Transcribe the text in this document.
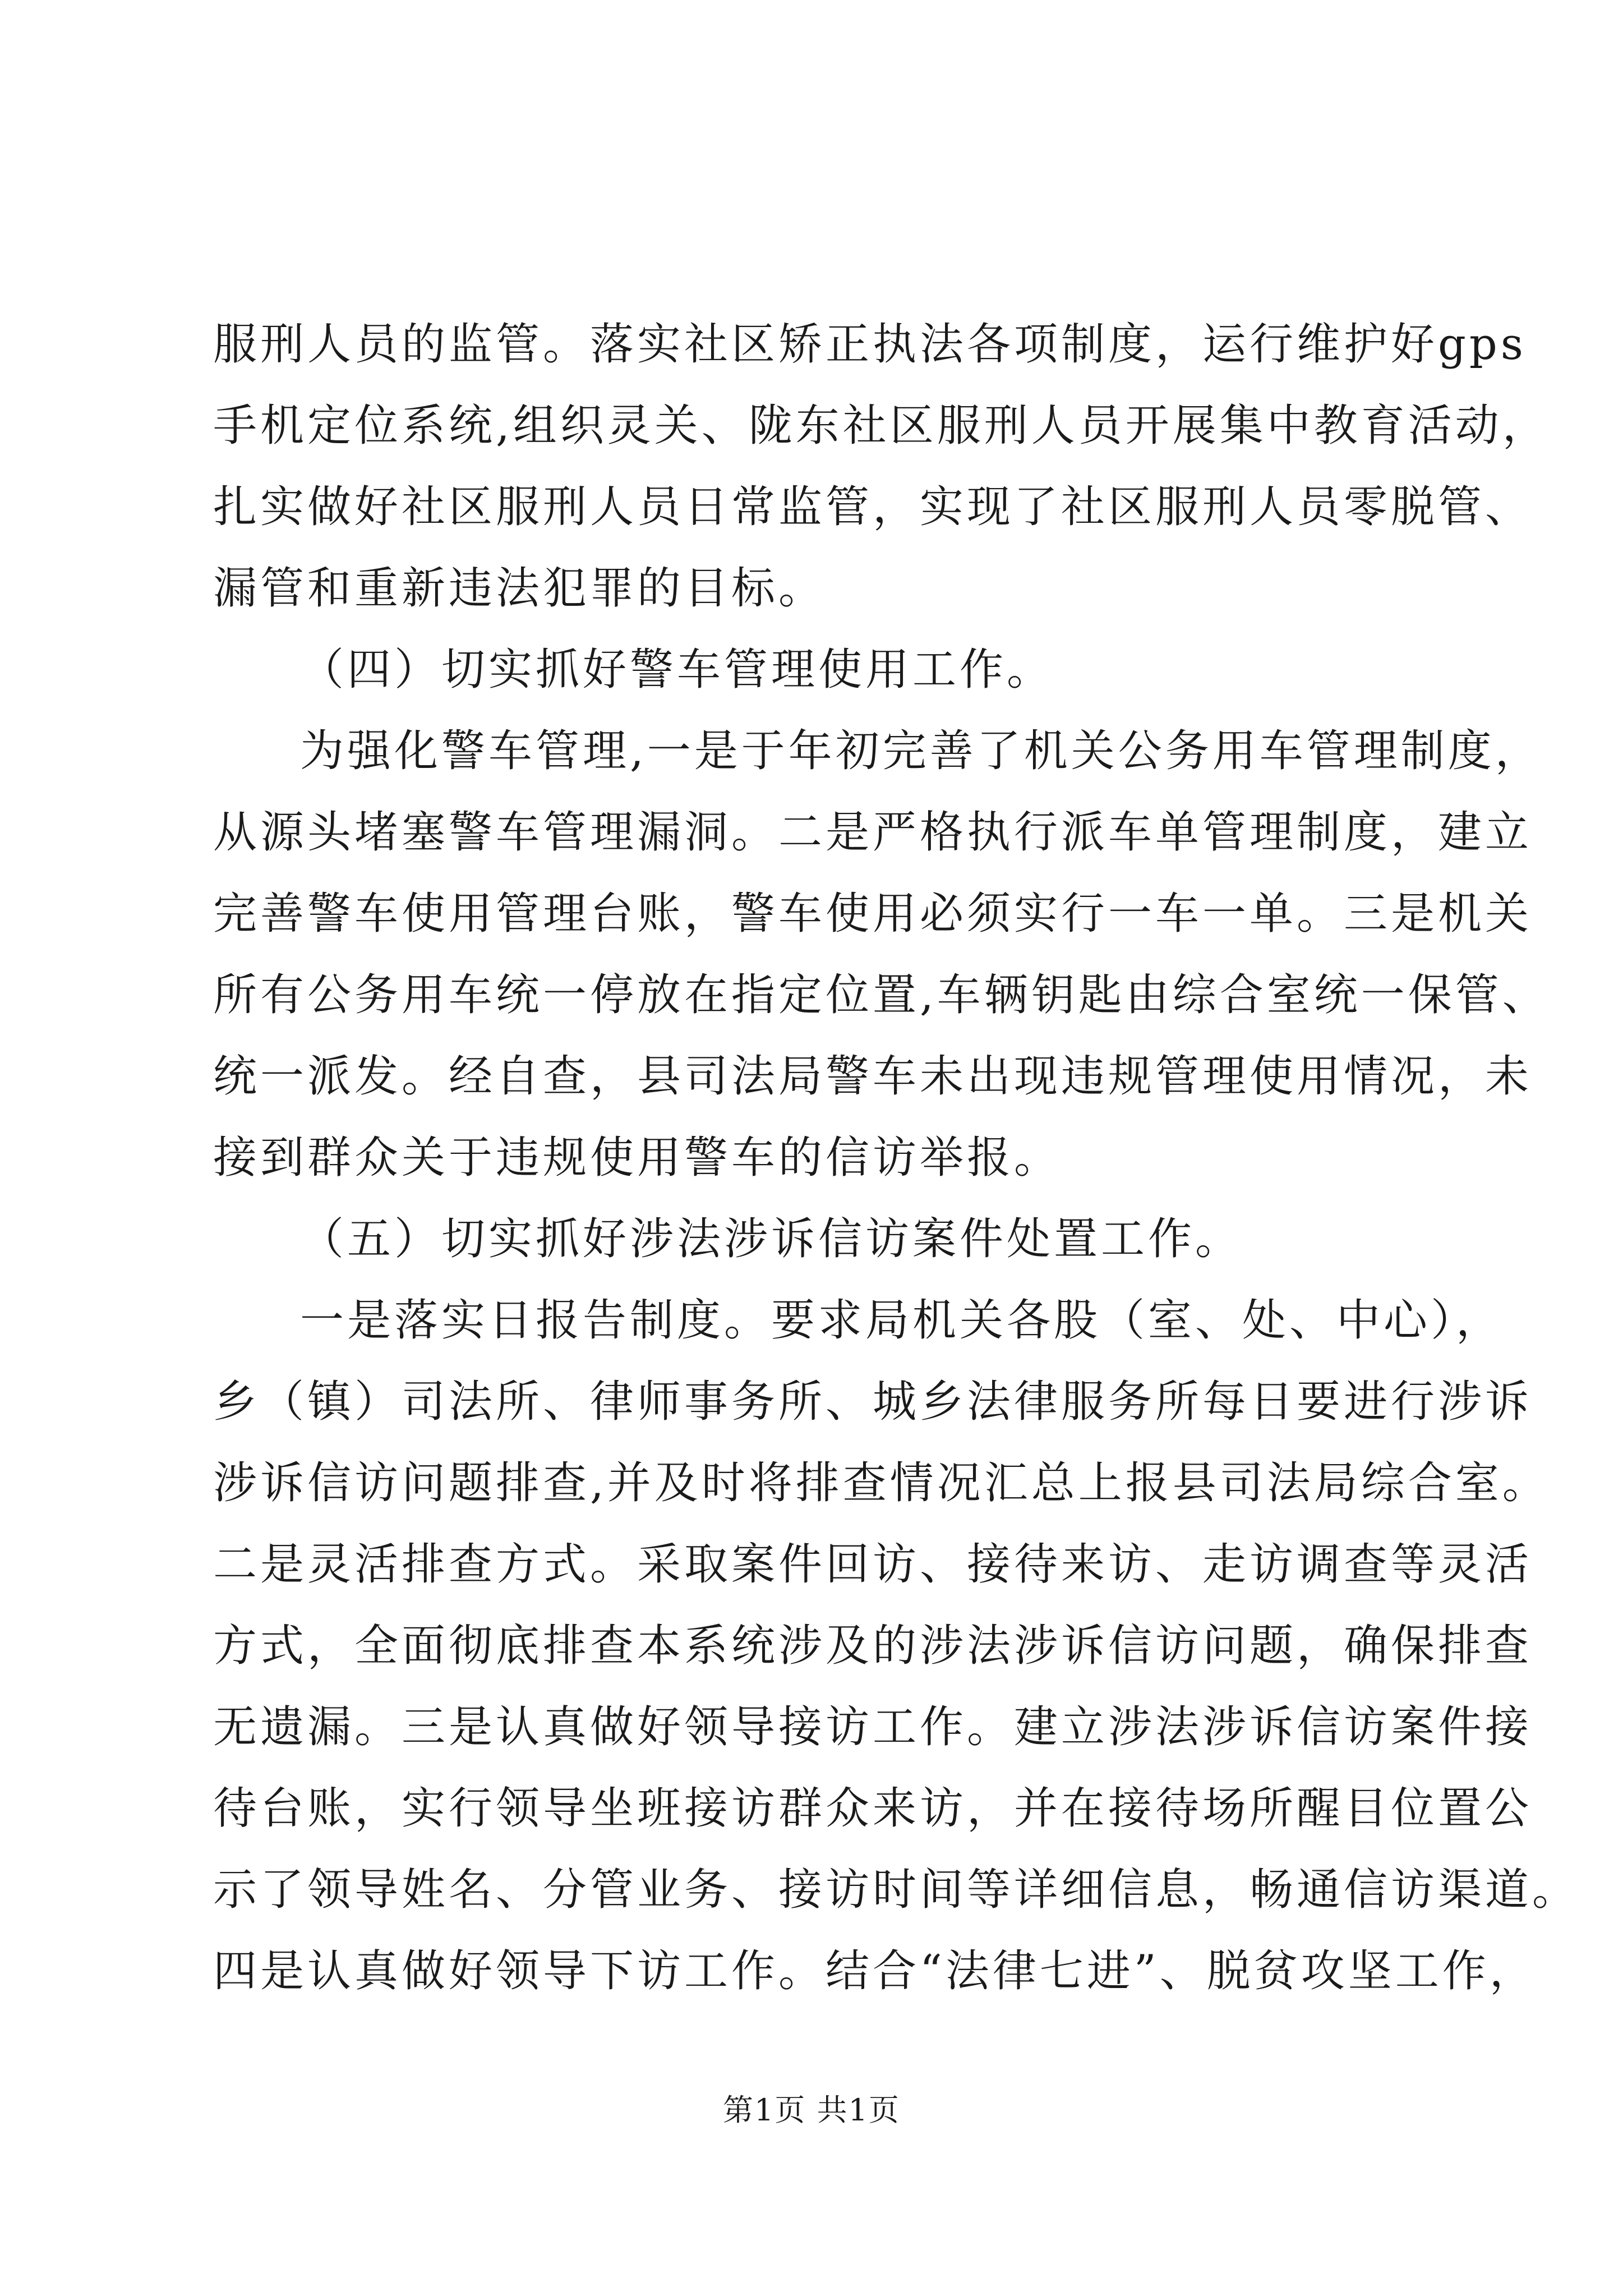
服刑人员的监管。落实社区矫正执法各项制度，运行维护好gps
手机定位系统,组织灵关、陇东社区服刑人员开展集中教育活动，
扎实做好社区服刑人员日常监管，实现了社区服刑人员零脱管、
漏管和重新违法犯罪的目标。
（四）切实抓好警车管理使用工作。
为强化警车管理,一是于年初完善了机关公务用车管理制度，
从源头堵塞警车管理漏洞。二是严格执行派车单管理制度，建立
完善警车使用管理台账，警车使用必须实行一车一单。三是机关
所有公务用车统一停放在指定位置,车辆钥匙由综合室统一保管、
统一派发。经自查，县司法局警车未出现违规管理使用情况，未
接到群众关于违规使用警车的信访举报。
（五）切实抓好涉法涉诉信访案件处置工作。
一是落实日报告制度。要求局机关各股（室、处、中心），
乡（镇）司法所、律师事务所、城乡法律服务所每日要进行涉诉
涉诉信访问题排查,并及时将排查情况汇总上报县司法局综合室。
二是灵活排查方式。采取案件回访、接待来访、走访调查等灵活
方式，全面彻底排查本系统涉及的涉法涉诉信访问题，确保排查
无遗漏。三是认真做好领导接访工作。建立涉法涉诉信访案件接
待台账，实行领导坐班接访群众来访，并在接待场所醒目位置公
示了领导姓名、分管业务、接访时间等详细信息，畅通信访渠道。
四是认真做好领导下访工作。结合“法律七进”、脱贫攻坚工作，
第1页 共1页
